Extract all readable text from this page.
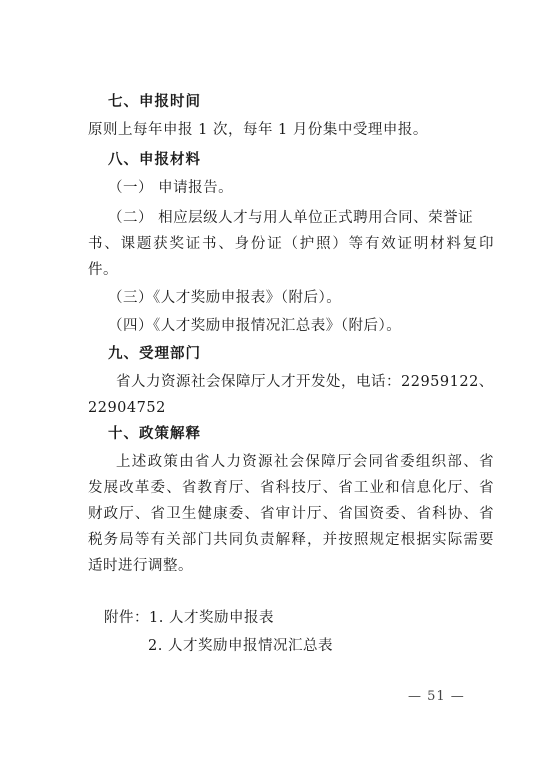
七、申报时间
原则上每年申报 1 次，每年 1 月份集中受理申报。
八、申报材料
（一） 申请报告。
（二） 相应层级人才与用人单位正式聘用合同、荣誉证
书、课题获奖证书、身份证（护照）等有效证明材料复印
件。
（三）《人才奖励申报表》（附后）。
（四）《人才奖励申报情况汇总表》（附后）。
九、受理部门
省人力资源社会保障厅人才开发处，电话：22959122、
22904752
十、政策解释
上述政策由省人力资源社会保障厅会同省委组织部、省
发展改革委、省教育厅、省科技厅、省工业和信息化厅、省
财政厅、省卫生健康委、省审计厅、省国资委、省科协、省
税务局等有关部门共同负责解释，并按照规定根据实际需要
适时进行调整。
附件：1. 人才奖励申报表
2. 人才奖励申报情况汇总表
— 51 —
